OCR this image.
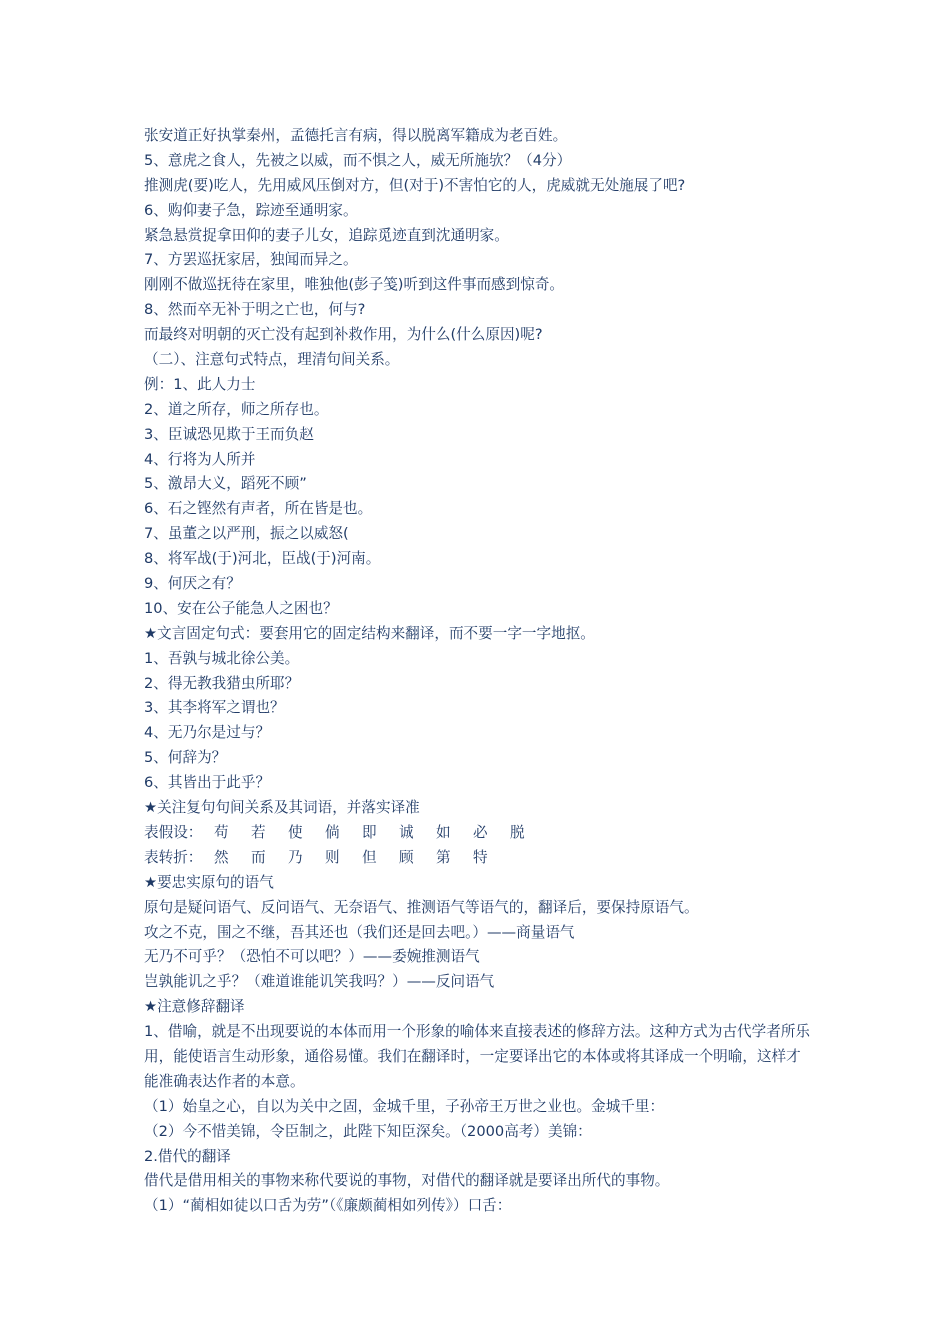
张安道正好执掌秦州，孟德托言有病，得以脱离军籍成为老百姓。
5、意虎之食人，先被之以威，而不惧之人，威无所施欤？（4分）
推测虎(要)吃人，先用威风压倒对方，但(对于)不害怕它的人，虎威就无处施展了吧?
6、购仰妻子急，踪迹至通明家。
紧急悬赏捉拿田仰的妻子儿女，追踪觅迹直到沈通明家。
7、方罢巡抚家居，独闻而异之。
刚刚不做巡抚待在家里，唯独他(彭子笺)听到这件事而感到惊奇。
8、然而卒无补于明之亡也，何与?
而最终对明朝的灭亡没有起到补救作用，为什么(什么原因)呢?
（二）、注意句式特点，理清句间关系。
例：1、此人力士
2、道之所存，师之所存也。
3、臣诚恐见欺于王而负赵
4、行将为人所并
5、激昂大义，蹈死不顾”
6、石之铿然有声者，所在皆是也。
7、虽董之以严刑，振之以威怒(
8、将军战(于)河北，臣战(于)河南。
9、何厌之有？
10、安在公子能急人之困也？
★文言固定句式：要套用它的固定结构来翻译，而不要一字一字地抠。
1、吾孰与城北徐公美。
2、得无教我猎虫所耶？
3、其李将军之谓也？
4、无乃尔是过与？
5、何辞为？
6、其皆出于此乎？
★关注复句句间关系及其词语，并落实译准
表假设： 苟	若	使	倘	即	诚	如	必	脱
表转折： 然	而	乃	则	但	顾	第	特
★要忠实原句的语气
原句是疑问语气、反问语气、无奈语气、推测语气等语气的，翻译后，要保持原语气。
攻之不克，围之不继，吾其还也（我们还是回去吧。）——商量语气
无乃不可乎？（恐怕不可以吧？）——委婉推测语气
岂孰能讥之乎？（难道谁能讥笑我吗？）——反问语气
★注意修辞翻译
1、借喻，就是不出现要说的本体而用一个形象的喻体来直接表述的修辞方法。这种方式为古代学者所乐用，能使语言生动形象，通俗易懂。我们在翻译时，一定要译出它的本体或将其译成一个明喻，这样才能准确表达作者的本意。
（1）始皇之心，自以为关中之固，金城千里，子孙帝王万世之业也。金城千里：
（2）今不惜美锦，令臣制之，此陛下知臣深矣。（2000高考）美锦：
2.借代的翻译
借代是借用相关的事物来称代要说的事物，对借代的翻译就是要译出所代的事物。
（1）“蔺相如徒以口舌为劳”（《廉颇蔺相如列传》）口舌：
